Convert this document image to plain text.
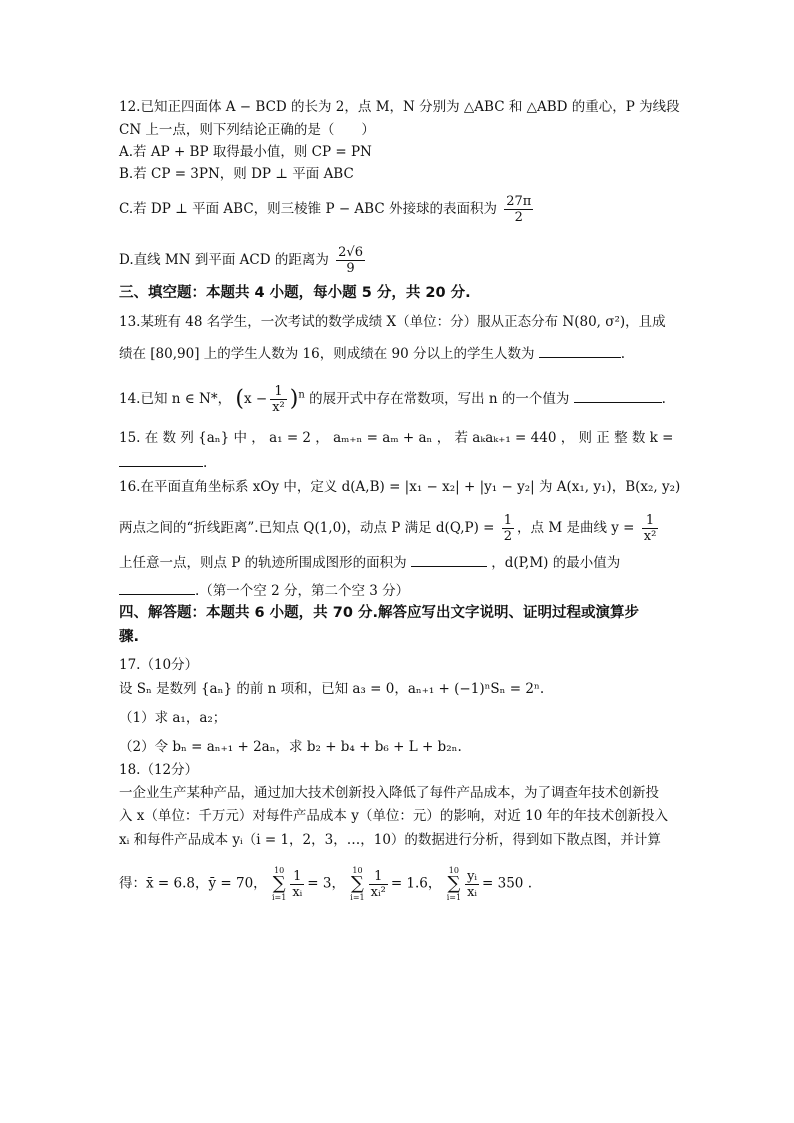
12.已知正四面体 A − BCD 的长为 2，点 M，N 分别为 △ABC 和 △ABD 的重心，P 为线段
CN 上一点，则下列结论正确的是（　　）
A.若 AP + BP 取得最小值，则 CP = PN
B.若 CP = 3PN，则 DP ⊥ 平面 ABC
C.若 DP ⊥ 平面 ABC，则三棱锥 P − ABC 外接球的表面积为 $\frac{27\pi}{2}$
D.直线 MN 到平面 ACD 的距离为 $\frac{2√6}{9}$
三、填空题：本题共 4 小题，每小题 5 分，共 20 分.
13.某班有 48 名学生，一次考试的数学成绩 X（单位：分）服从正态分布 N(80, σ²)，且成
绩在 [80,90] 上的学生人数为 16，则成绩在 90 分以上的学生人数为	.
14.已知 n ∈ N*， $(x - \frac{1}{\text{x²}} )^n$ 的展开式中存在常数项，写出 n 的一个值为	.
15. 在 数 列 {aₙ} 中 ， a₁ = 2 ， aₘ₊ₙ = aₘ + aₙ ， 若 aₖaₖ₊₁ = 440 ， 则 正 整 数 k =
.
16.在平面直角坐标系 xOy 中，定义 d(A,B) = |x₁ − x₂| + |y₁ − y₂| 为 A(x₁, y₁)，B(x₂, y₂)
两点之间的“折线距离”.已知点 Q(1,0)，动点 P 满足 $d(Q,P) = \frac{1}{2}$ ，点 M 是曲线 $y = \frac{1}{\text{x²}}$
上任意一点，则点 P 的轨迹所围成图形的面积为	，d(P,M) 的最小值为
.（第一个空 2 分，第二个空 3 分）
四、解答题：本题共 6 小题，共 70 分.解答应写出文字说明、证明过程或演算步
骤.
17.（10分）
设 Sₙ 是数列 {aₙ} 的前 n 项和，已知 a₃ = 0，aₙ₊₁ + (−1)ⁿSₙ = 2ⁿ.
（1）求 a₁，a₂；
（2）令 bₙ = aₙ₊₁ + 2aₙ，求 b₂ + b₄ + b₆ + L + b₂ₙ.
18.（12分）
一企业生产某种产品，通过加大技术创新投入降低了每件产品成本，为了调查年技术创新投
入 x（单位：千万元）对每件产品成本 y（单位：元）的影响，对近 10 年的年技术创新投入
xᵢ 和每件产品成本 yᵢ（i = 1，2，3，…，10）的数据进行分析，得到如下散点图，并计算
得：x̄ = 6.8，ȳ = 70， 10
∑
$i=1 \frac{1}{\text{xᵢ}} = 3$， 10
∑
$i=1 \frac{1}{\text{xᵢ²}} = 1.6$， 10
∑
$i=1 \frac{\text{yᵢ}}{\text{xᵢ}} = 350$ .
